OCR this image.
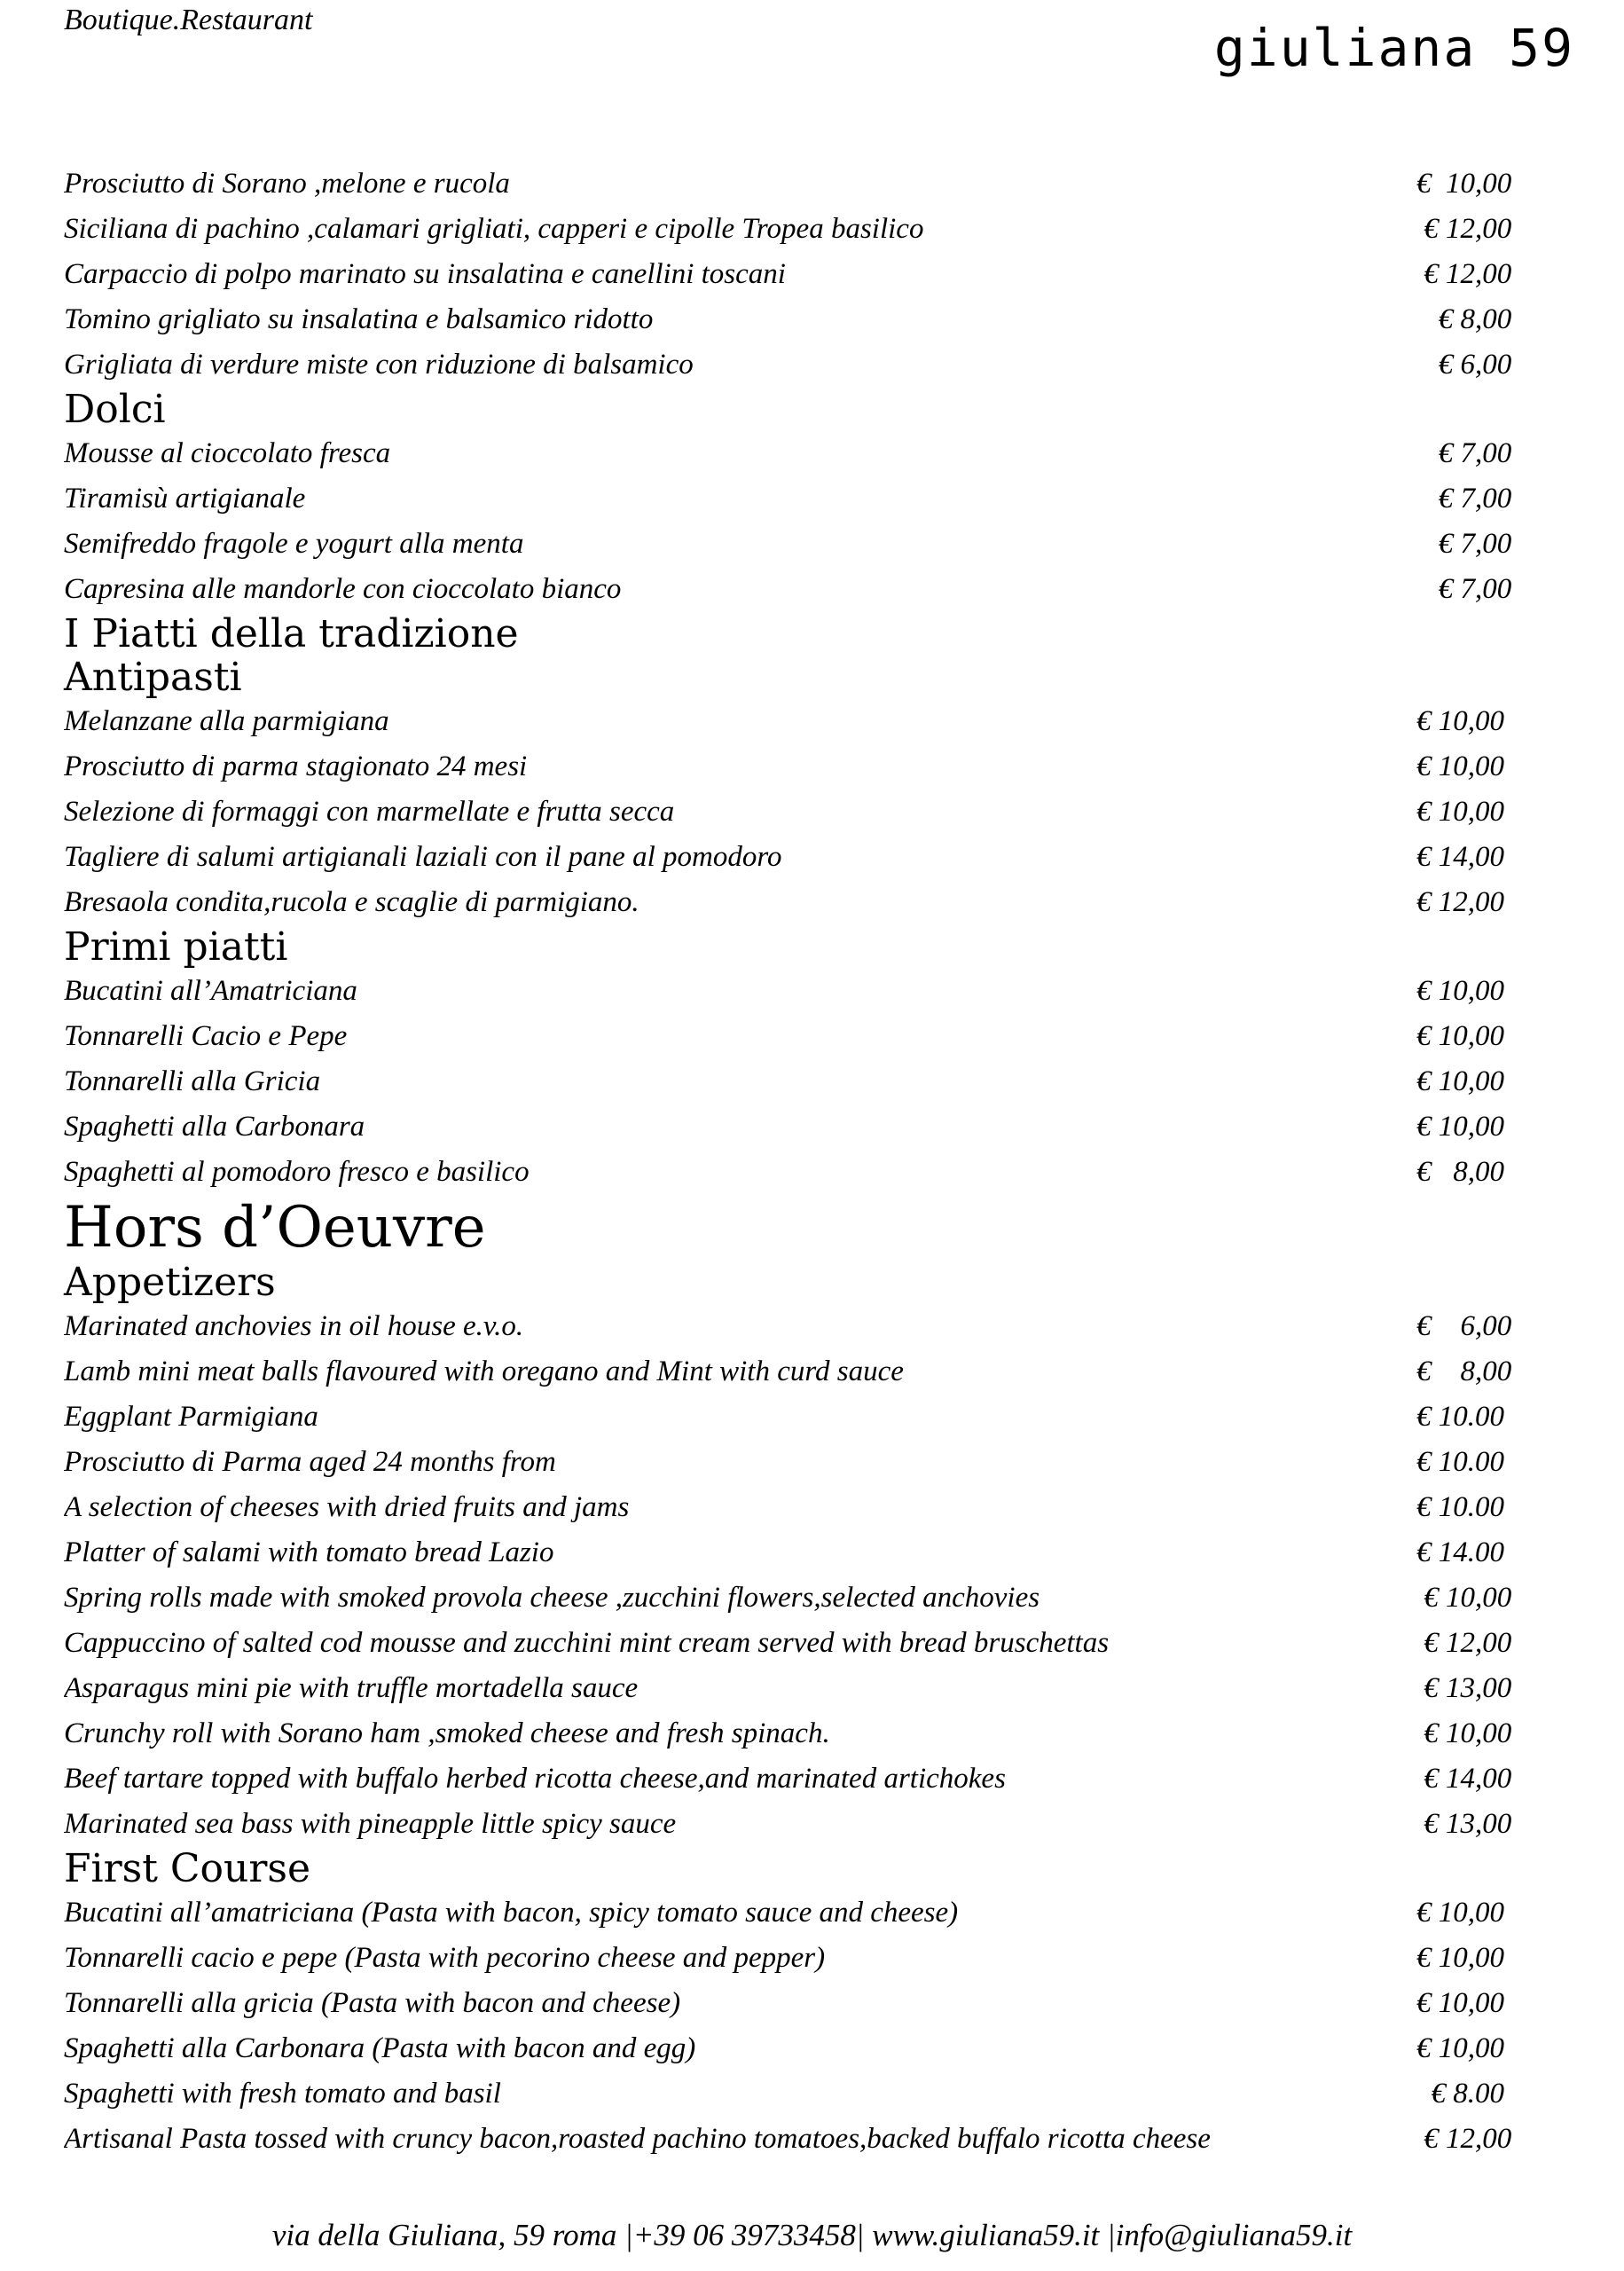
Boutique.Restaurant	giuliana 59
Prosciutto di Sorano ,melone e rucola	€  10,00
Siciliana di pachino ,calamari grigliati, capperi e cipolle Tropea basilico	€ 12,00
Carpaccio di polpo marinato su insalatina e canellini toscani	€ 12,00
Tomino grigliato su insalatina e balsamico ridotto	€ 8,00
Grigliata di verdure miste con riduzione di balsamico	€ 6,00
Dolci
Mousse al cioccolato fresca	€ 7,00
Tiramisù artigianale	€ 7,00
Semifreddo fragole e yogurt alla menta	€ 7,00
Capresina alle mandorle con cioccolato bianco	€ 7,00
I Piatti della tradizione
Antipasti
Melanzane alla parmigiana	€ 10,00
Prosciutto di parma stagionato 24 mesi	€ 10,00
Selezione di formaggi con marmellate e frutta secca	€ 10,00
Tagliere di salumi artigianali laziali con il pane al pomodoro	€ 14,00
Bresaola condita,rucola e scaglie di parmigiano.	€ 12,00
Primi piatti
Bucatini all’Amatriciana	€ 10,00
Tonnarelli Cacio e Pepe	€ 10,00
Tonnarelli alla Gricia	€ 10,00
Spaghetti alla Carbonara	€ 10,00
Spaghetti al pomodoro fresco e basilico	€   8,00
Hors d’Oeuvre
Appetizers
Marinated anchovies in oil house e.v.o.	€    6,00
Lamb mini meat balls flavoured with oregano and Mint with curd sauce	€    8,00
Eggplant Parmigiana	€ 10.00
Prosciutto di Parma aged 24 months from	€ 10.00
A selection of cheeses with dried fruits and jams	€ 10.00
Platter of salami with tomato bread Lazio	€ 14.00
Spring rolls made with smoked provola cheese ,zucchini flowers,selected anchovies	€ 10,00
Cappuccino of salted cod mousse and zucchini mint cream served with bread bruschettas	€ 12,00
Asparagus mini pie with truffle mortadella sauce	€ 13,00
Crunchy roll with Sorano ham ,smoked cheese and fresh spinach.	€ 10,00
Beef tartare topped with buffalo herbed ricotta cheese,and marinated artichokes	€ 14,00
Marinated sea bass with pineapple little spicy sauce	€ 13,00
First Course
Bucatini all’amatriciana (Pasta with bacon, spicy tomato sauce and cheese)	€ 10,00
Tonnarelli cacio e pepe (Pasta with pecorino cheese and pepper)	€ 10,00
Tonnarelli alla gricia (Pasta with bacon and cheese)	€ 10,00
Spaghetti alla Carbonara (Pasta with bacon and egg)	€ 10,00
Spaghetti with fresh tomato and basil	€ 8.00
Artisanal Pasta tossed with cruncy bacon,roasted pachino tomatoes,backed buffalo ricotta cheese	€ 12,00
via della Giuliana, 59 roma |+39 06 39733458| www.giuliana59.it |info@giuliana59.it
